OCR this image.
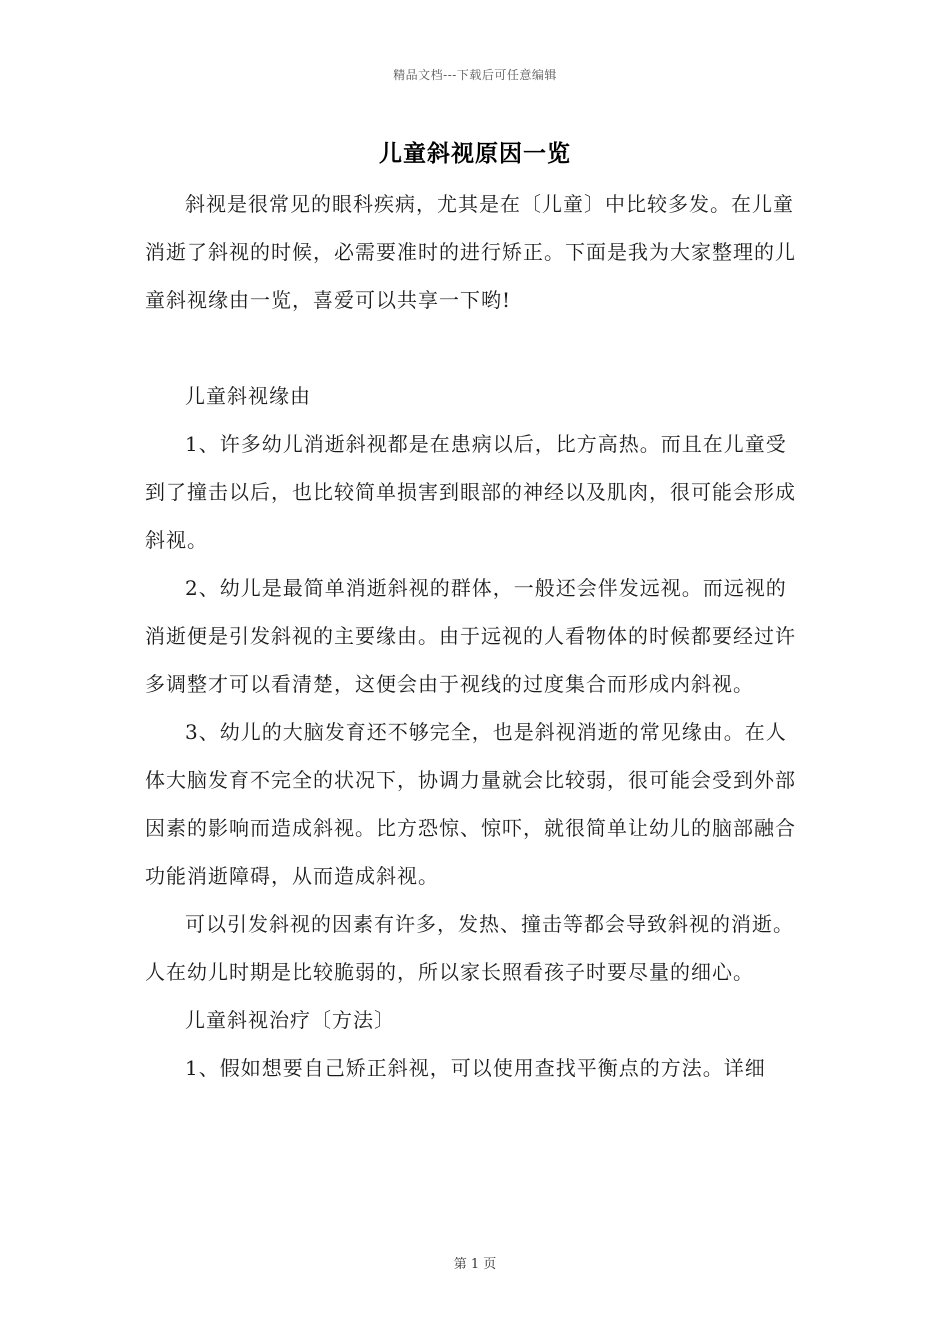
精品文档---下载后可任意编辑
儿童斜视原因一览

斜视是很常见的眼科疾病，尤其是在〔儿童〕中比较多发。在儿童消逝了斜视的时候，必需要准时的进行矫正。下面是我为大家整理的儿童斜视缘由一览，喜爱可以共享一下哟!

儿童斜视缘由

1、许多幼儿消逝斜视都是在患病以后，比方高热。而且在儿童受到了撞击以后，也比较简单损害到眼部的神经以及肌肉，很可能会形成斜视。

2、幼儿是最简单消逝斜视的群体，一般还会伴发远视。而远视的消逝便是引发斜视的主要缘由。由于远视的人看物体的时候都要经过许多调整才可以看清楚，这便会由于视线的过度集合而形成内斜视。

3、幼儿的大脑发育还不够完全，也是斜视消逝的常见缘由。在人体大脑发育不完全的状况下，协调力量就会比较弱，很可能会受到外部因素的影响而造成斜视。比方恐惊、惊吓，就很简单让幼儿的脑部融合功能消逝障碍，从而造成斜视。

可以引发斜视的因素有许多，发热、撞击等都会导致斜视的消逝。人在幼儿时期是比较脆弱的，所以家长照看孩子时要尽量的细心。

儿童斜视治疗〔方法〕

1、假如想要自己矫正斜视，可以使用查找平衡点的方法。详细

第 1 页
